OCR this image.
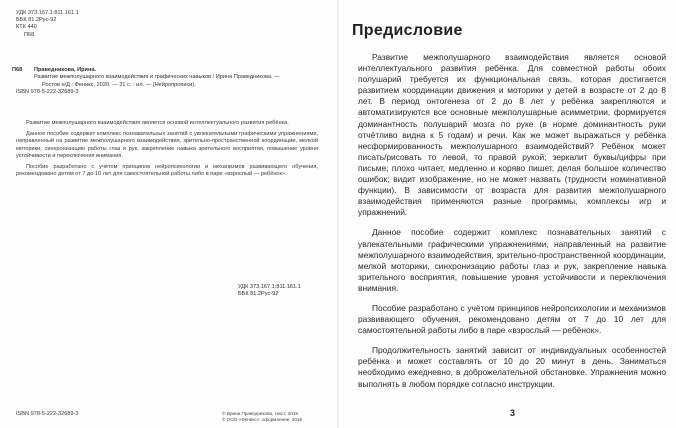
УДК 373.167.1:811.161.1
ББК 81.2Рус-92
КТК 440
П68
П68	Праведникова, Ирина.

Развитие межполушарного взаимодействия и графических навыков / Ирина Праведникова. —

Ростов н/Д : Феникс, 2020. — 31 с. : ил. — (Нейропрописи).

ISBN 978-5-222-32689-3

Развитие межполушарного взаимодействия является основой интеллектуального развития ребёнка.

Данное пособие содержит комплекс познавательных занятий с увлекательными графическими упражнениями, направленный на развитие межполушарного взаимодействия, зрительно-пространственной координации, мелкой моторики, синхронизацию работы глаз и рук, закрепление навыка зрительного восприятия, повышение уровня устойчивости и переключения внимания.

Пособие разработано с учётом принципов нейропсихологии и механизмов развивающего обучения, рекомендовано детям от 7 до 10 лет для самостоятельной работы либо в паре «взрослый — ребёнок».

УДК 373.167.1:811.161.1
ББК 81.2Рус-92
ISBN 978-5-222-32689-3	© Ирина Праведникова, текст, 2019
© ООО «Феникс»: оформление, 2019
Предисловие

Развитие межполушарного взаимодействия является основой интеллектуального развития ребёнка. Для совместной работы обоих полушарий требуется их функциональная связь, которая достигается развитием координации движения и моторики у детей в возрасте от 2 до 8 лет. В период онтогенеза от 2 до 8 лет у ребёнка закрепляются и автоматизируются все основные межполушарные асимметрии, формируется доминантность полушарий мозга по руке (в норме доминантность руки отчётливо видна к 5 годам) и речи. Как же может выражаться у ребёнка несформированность межполушарного взаимодействий? Ребёнок может писать/рисовать то левой, то правой рукой; зеркалит буквы/цифры при письме; плохо читает, медленно и коряво пишет, делая большое количество ошибок; видит изображение, но не может назвать (трудности номинативной функции). В зависимости от возраста для развития межполушарного взаимодействия применяются разные программы, комплексы игр и упражнений.

Данное пособие содержит комплекс познавательных занятий с увлекательными графическими упражнениями, направленный на развитие межполушарного взаимодействия, зрительно-пространственной координации, мелкой моторики, синхронизацию работы глаз и рук, закрепление навыка зрительного восприятия, повышение уровня устойчивости и переключения внимания.

Пособие разработано с учётом принципов нейропсихологии и механизмов развивающего обучения, рекомендовано детям от 7 до 10 лет для самостоятельной работы либо в паре «взрослый — ребёнок».

Продолжительность занятий зависит от индивидуальных особенностей ребёнка и может составлять от 10 до 20 минут в день. Заниматься необходимо ежедневно, в доброжелательной обстановке. Упражнения можно выполнять в любом порядке согласно инструкции.

3
